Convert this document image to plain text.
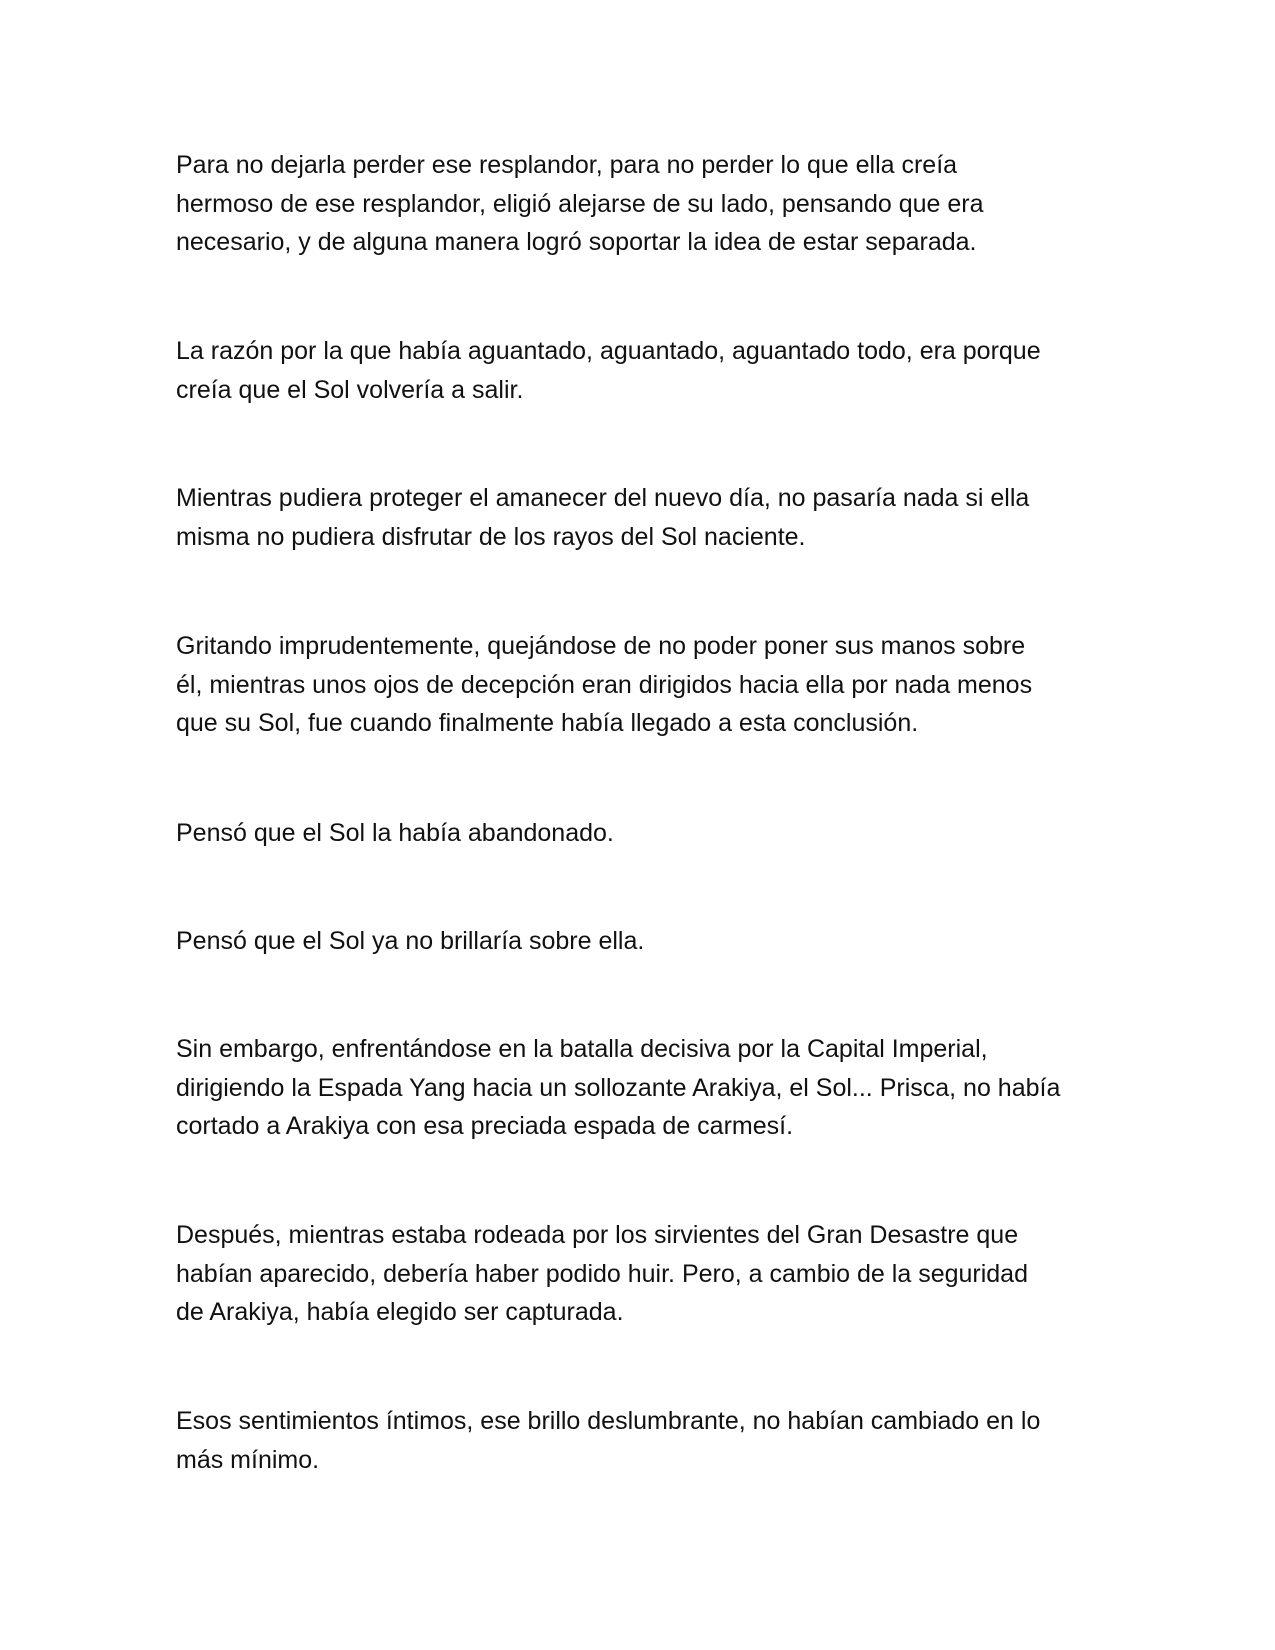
Para no dejarla perder ese resplandor, para no perder lo que ella creía
hermoso de ese resplandor, eligió alejarse de su lado, pensando que era
necesario, y de alguna manera logró soportar la idea de estar separada.

La razón por la que había aguantado, aguantado, aguantado todo, era porque
creía que el Sol volvería a salir.

Mientras pudiera proteger el amanecer del nuevo día, no pasaría nada si ella
misma no pudiera disfrutar de los rayos del Sol naciente.

Gritando imprudentemente, quejándose de no poder poner sus manos sobre
él, mientras unos ojos de decepción eran dirigidos hacia ella por nada menos
que su Sol, fue cuando finalmente había llegado a esta conclusión.

Pensó que el Sol la había abandonado.

Pensó que el Sol ya no brillaría sobre ella.

Sin embargo, enfrentándose en la batalla decisiva por la Capital Imperial,
dirigiendo la Espada Yang hacia un sollozante Arakiya, el Sol... Prisca, no había
cortado a Arakiya con esa preciada espada de carmesí.

Después, mientras estaba rodeada por los sirvientes del Gran Desastre que
habían aparecido, debería haber podido huir. Pero, a cambio de la seguridad
de Arakiya, había elegido ser capturada.

Esos sentimientos íntimos, ese brillo deslumbrante, no habían cambiado en lo
más mínimo.
